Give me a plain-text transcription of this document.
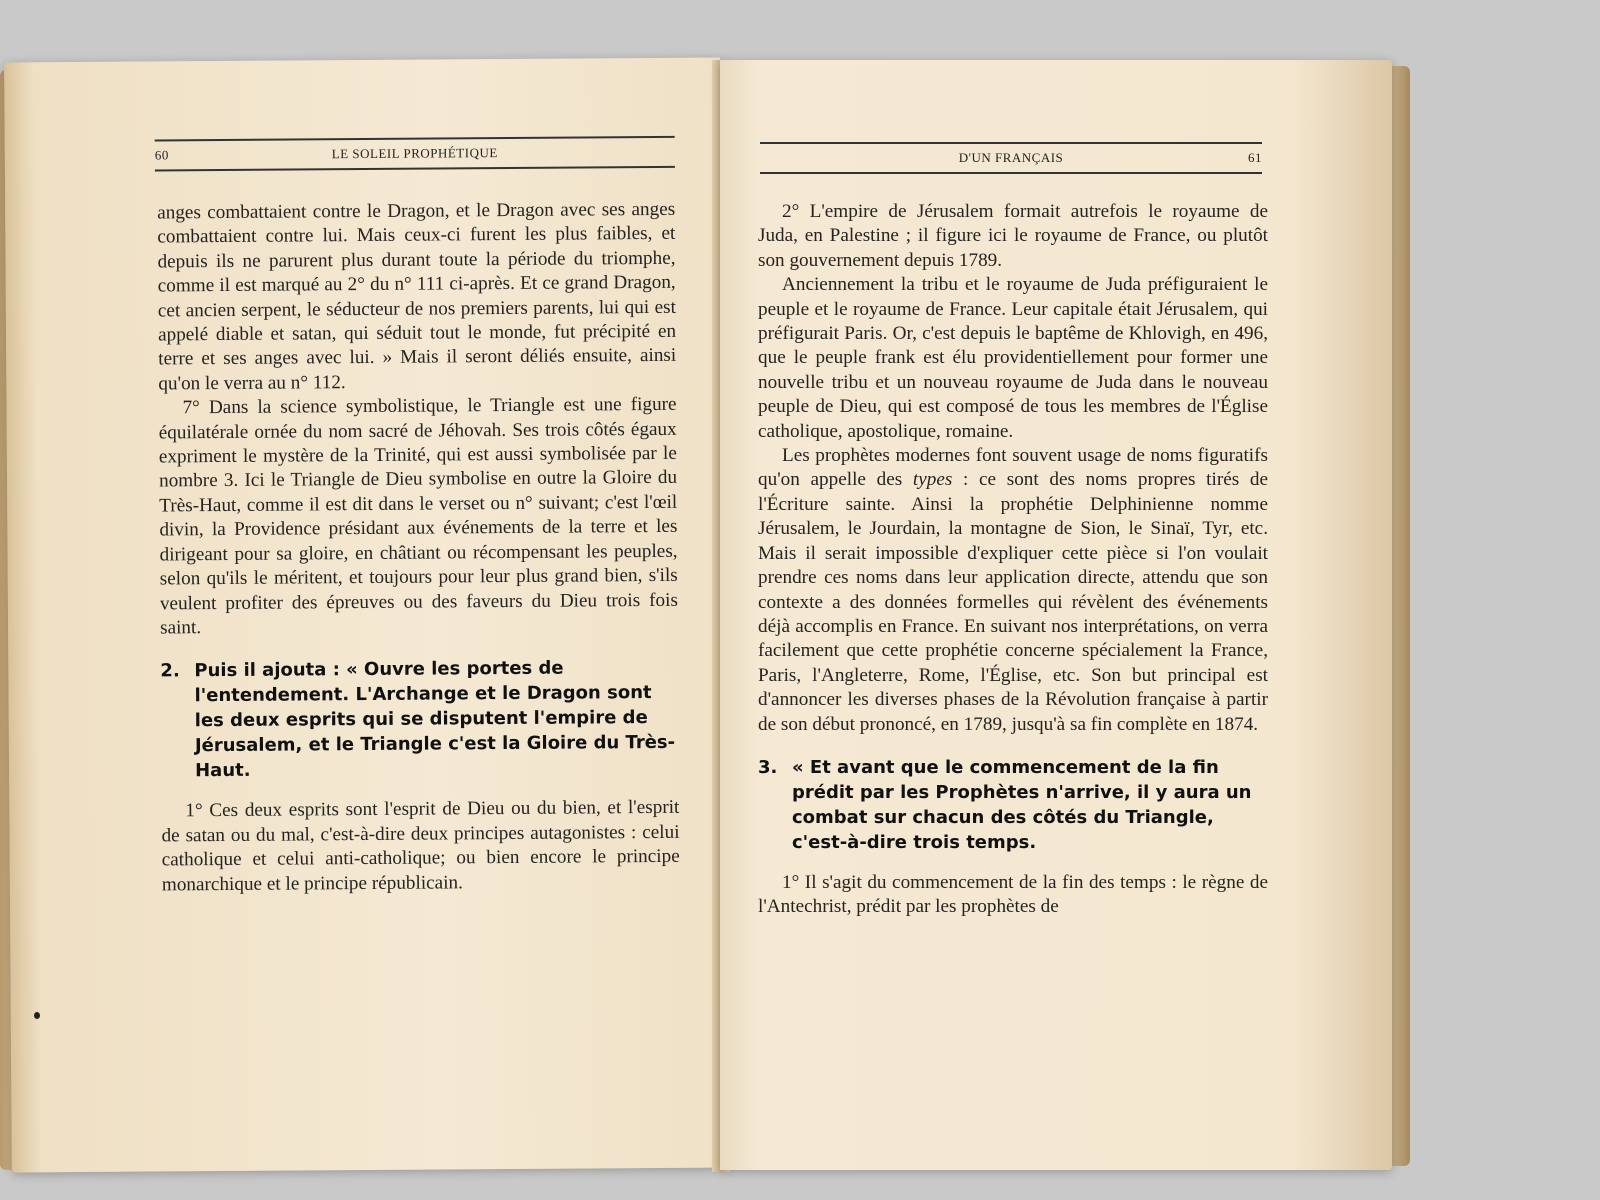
60	LE SOLEIL PROPHÉTIQUE

anges combattaient contre le Dragon, et le Dragon avec ses anges combattaient contre lui. Mais ceux-ci furent les plus faibles, et depuis ils ne parurent plus durant toute la période du triomphe, comme il est marqué au 2° du n° 111 ci-après. Et ce grand Dragon, cet ancien serpent, le séducteur de nos premiers parents, lui qui est appelé diable et satan, qui séduit tout le monde, fut précipité en terre et ses anges avec lui. » Mais il seront déliés ensuite, ainsi qu'on le verra au n° 112.

7° Dans la science symbolistique, le Triangle est une figure équilatérale ornée du nom sacré de Jéhovah. Ses trois côtés égaux expriment le mystère de la Trinité, qui est aussi symbolisée par le nombre 3. Ici le Triangle de Dieu symbolise en outre la Gloire du Très-Haut, comme il est dit dans le verset ou n° suivant; c'est l'œil divin, la Providence présidant aux événements de la terre et les dirigeant pour sa gloire, en châtiant ou récompensant les peuples, selon qu'ils le méritent, et toujours pour leur plus grand bien, s'ils veulent profiter des épreuves ou des faveurs du Dieu trois fois saint.

2. Puis il ajouta : « Ouvre les portes de l'entendement. L'Archange et le Dragon sont les deux esprits qui se disputent l'empire de Jérusalem, et le Triangle c'est la Gloire du Très-Haut.

1° Ces deux esprits sont l'esprit de Dieu ou du bien, et l'esprit de satan ou du mal, c'est-à-dire deux principes autagonistes : celui catholique et celui anti-catholique; ou bien encore le principe monarchique et le principe républicain.

D'UN FRANÇAIS	61

2° L'empire de Jérusalem formait autrefois le royaume de Juda, en Palestine ; il figure ici le royaume de France, ou plutôt son gouvernement depuis 1789.

Anciennement la tribu et le royaume de Juda préfiguraient le peuple et le royaume de France. Leur capitale était Jérusalem, qui préfigurait Paris. Or, c'est depuis le baptême de Khlovigh, en 496, que le peuple frank est élu providentiellement pour former une nouvelle tribu et un nouveau royaume de Juda dans le nouveau peuple de Dieu, qui est composé de tous les membres de l'Église catholique, apostolique, romaine.

Les prophètes modernes font souvent usage de noms figuratifs qu'on appelle des types : ce sont des noms propres tirés de l'Écriture sainte. Ainsi la prophétie Delphinienne nomme Jérusalem, le Jourdain, la montagne de Sion, le Sinaï, Tyr, etc. Mais il serait impossible d'expliquer cette pièce si l'on voulait prendre ces noms dans leur application directe, attendu que son contexte a des données formelles qui révèlent des événements déjà accomplis en France. En suivant nos interprétations, on verra facilement que cette prophétie concerne spécialement la France, Paris, l'Angleterre, Rome, l'Église, etc. Son but principal est d'annoncer les diverses phases de la Révolution française à partir de son début prononcé, en 1789, jusqu'à sa fin complète en 1874.

3. « Et avant que le commencement de la fin prédit par les Prophètes n'arrive, il y aura un combat sur chacun des côtés du Triangle, c'est-à-dire trois temps.

1° Il s'agit du commencement de la fin des temps : le règne de l'Antechrist, prédit par les prophètes de
